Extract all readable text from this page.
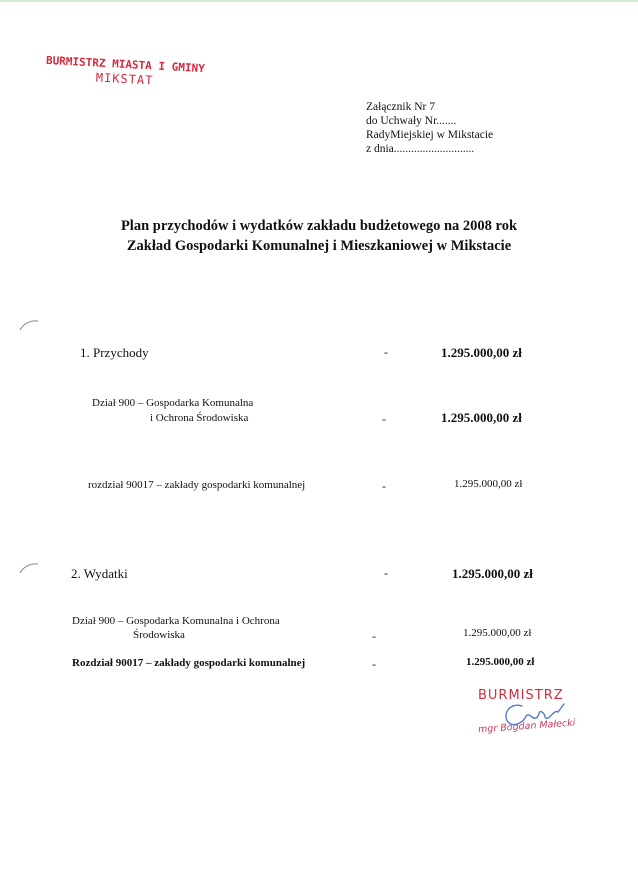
BURMISTRZ MIASTA I GMINY
MIKSTAT
Załącznik Nr 7
do Uchwały Nr.......
RadyMiejskiej w Mikstacie
z dnia............................
Plan przychodów i wydatków zakładu budżetowego na 2008 rok
Zakład Gospodarki Komunalnej i Mieszkaniowej w Mikstacie
1. Przychody	-	1.295.000,00 zł
Dział 900 – Gospodarka Komunalna
i Ochrona Środowiska	-	1.295.000,00 zł
rozdział 90017 – zakłady gospodarki komunalnej	-	1.295.000,00 zł
2. Wydatki	-	1.295.000,00 zł
Dział 900 – Gospodarka Komunalna i Ochrona
Środowiska	-	1.295.000,00 zł
Rozdział 90017 – zakłady gospodarki komunalnej	-	1.295.000,00 zł
BURMISTRZ
mgr Bogdan Małecki
